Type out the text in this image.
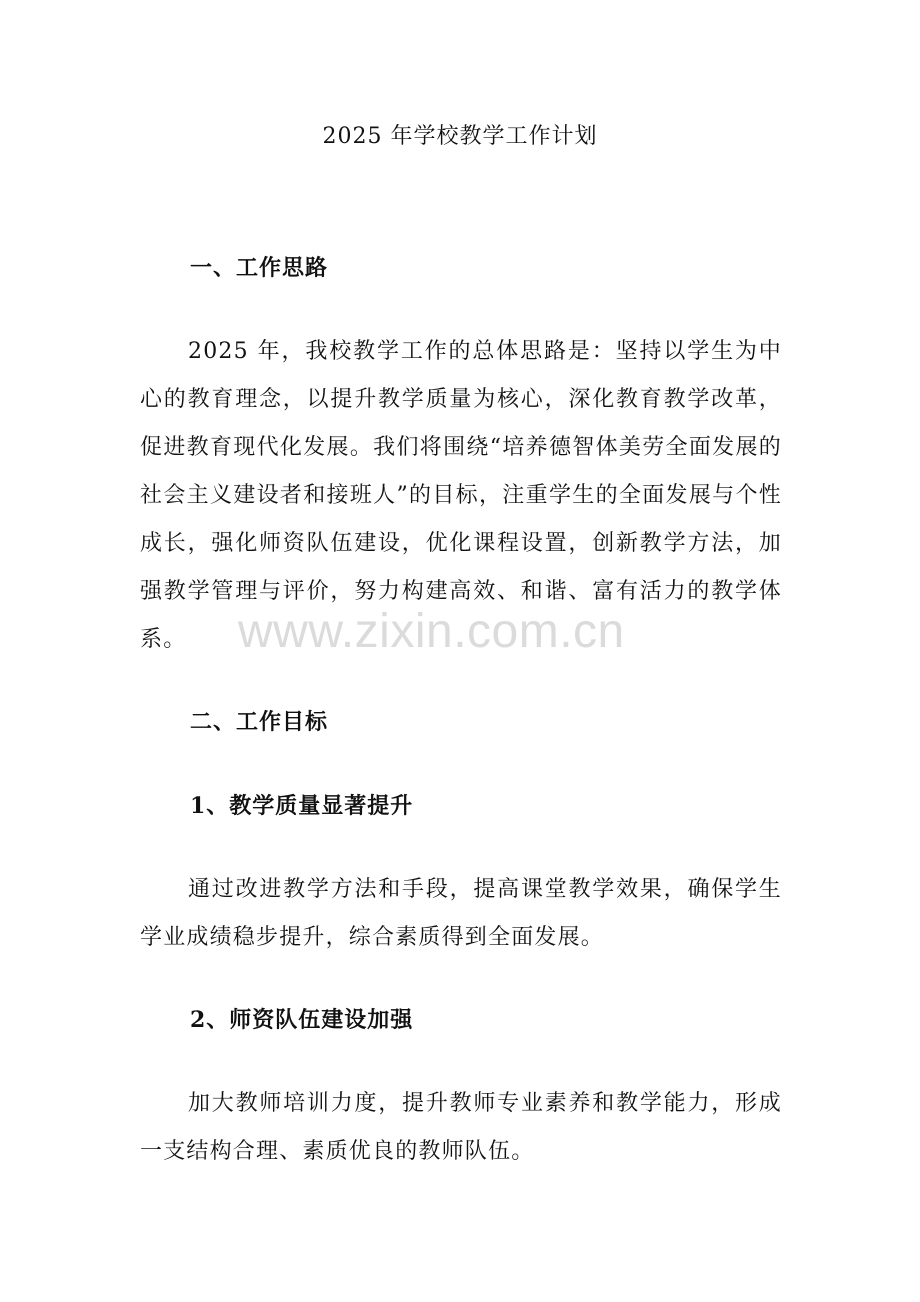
2025 年学校教学工作计划
一、工作思路

2025 年，我校教学工作的总体思路是：坚持以学生为中心的教育理念，以提升教学质量为核心，深化教育教学改革，促进教育现代化发展。我们将围绕“培养德智体美劳全面发展的社会主义建设者和接班人”的目标，注重学生的全面发展与个性成长，强化师资队伍建设，优化课程设置，创新教学方法，加强教学管理与评价，努力构建高效、和谐、富有活力的教学体系。

二、工作目标
1、教学质量显著提升

通过改进教学方法和手段，提高课堂教学效果，确保学生学业成绩稳步提升，综合素质得到全面发展。

2、师资队伍建设加强

加大教师培训力度，提升教师专业素养和教学能力，形成一支结构合理、素质优良的教师队伍。

www.zixin.com.cn
